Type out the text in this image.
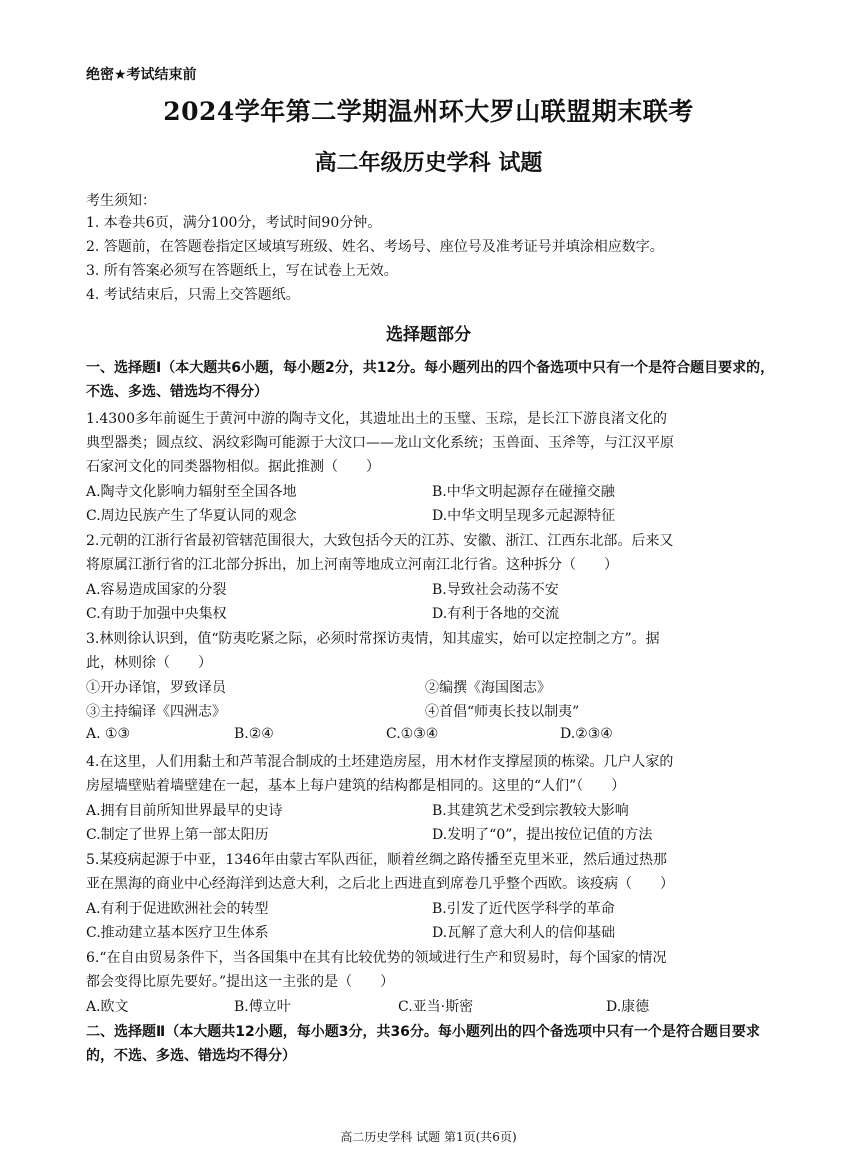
绝密★考试结束前
2024学年第二学期温州环大罗山联盟期末联考
高二年级历史学科 试题
考生须知：
1. 本卷共6页，满分100分，考试时间90分钟。
2. 答题前，在答题卷指定区域填写班级、姓名、考场号、座位号及准考证号并填涂相应数字。
3. 所有答案必须写在答题纸上，写在试卷上无效。
4. 考试结束后，只需上交答题纸。
选择题部分
一、选择题Ⅰ（本大题共6小题，每小题2分，共12分。每小题列出的四个备选项中只有一个是符合题目要求的，不选、多选、错选均不得分）
1.4300多年前诞生于黄河中游的陶寺文化，其遗址出土的玉璧、玉琮，是长江下游良渚文化的
典型器类；圆点纹、涡纹彩陶可能源于大汶口——龙山文化系统；玉兽面、玉斧等，与江汉平原
石家河文化的同类器物相似。据此推测（　　）
A.陶寺文化影响力辐射至全国各地	B.中华文明起源存在碰撞交融
C.周边民族产生了华夏认同的观念	D.中华文明呈现多元起源特征
2.元朝的江浙行省最初管辖范围很大，大致包括今天的江苏、安徽、浙江、江西东北部。后来又
将原属江浙行省的江北部分拆出，加上河南等地成立河南江北行省。这种拆分（　　）
A.容易造成国家的分裂	B.导致社会动荡不安
C.有助于加强中央集权	D.有利于各地的交流
3.林则徐认识到，值“防夷吃紧之际，必须时常探访夷情，知其虚实，始可以定控制之方”。据
此，林则徐（　　）
①开办译馆，罗致译员	②编撰《海国图志》
③主持编译《四洲志》	④首倡“师夷长技以制夷”
A. ①③	B.②④	C.①③④	D.②③④
4.在这里，人们用黏土和芦苇混合制成的土坯建造房屋，用木材作支撑屋顶的栋梁。几户人家的
房屋墙壁贴着墙壁建在一起，基本上每户建筑的结构都是相同的。这里的“人们”（　　）
A.拥有目前所知世界最早的史诗	B.其建筑艺术受到宗教较大影响
C.制定了世界上第一部太阳历	D.发明了“0”，提出按位记值的方法
5.某疫病起源于中亚，1346年由蒙古军队西征，顺着丝绸之路传播至克里米亚，然后通过热那
亚在黑海的商业中心经海洋到达意大利，之后北上西进直到席卷几乎整个西欧。该疫病（　　）
A.有利于促进欧洲社会的转型	B.引发了近代医学科学的革命
C.推动建立基本医疗卫生体系	D.瓦解了意大利人的信仰基础
6.“在自由贸易条件下，当各国集中在其有比较优势的领域进行生产和贸易时，每个国家的情况
都会变得比原先要好。”提出这一主张的是（　　）
A.欧文	B.傅立叶	C.亚当·斯密	D.康德
二、选择题Ⅱ（本大题共12小题，每小题3分，共36分。每小题列出的四个备选项中只有一个是符合题目要求的，不选、多选、错选均不得分）
高二历史学科 试题 第1页(共6页)
